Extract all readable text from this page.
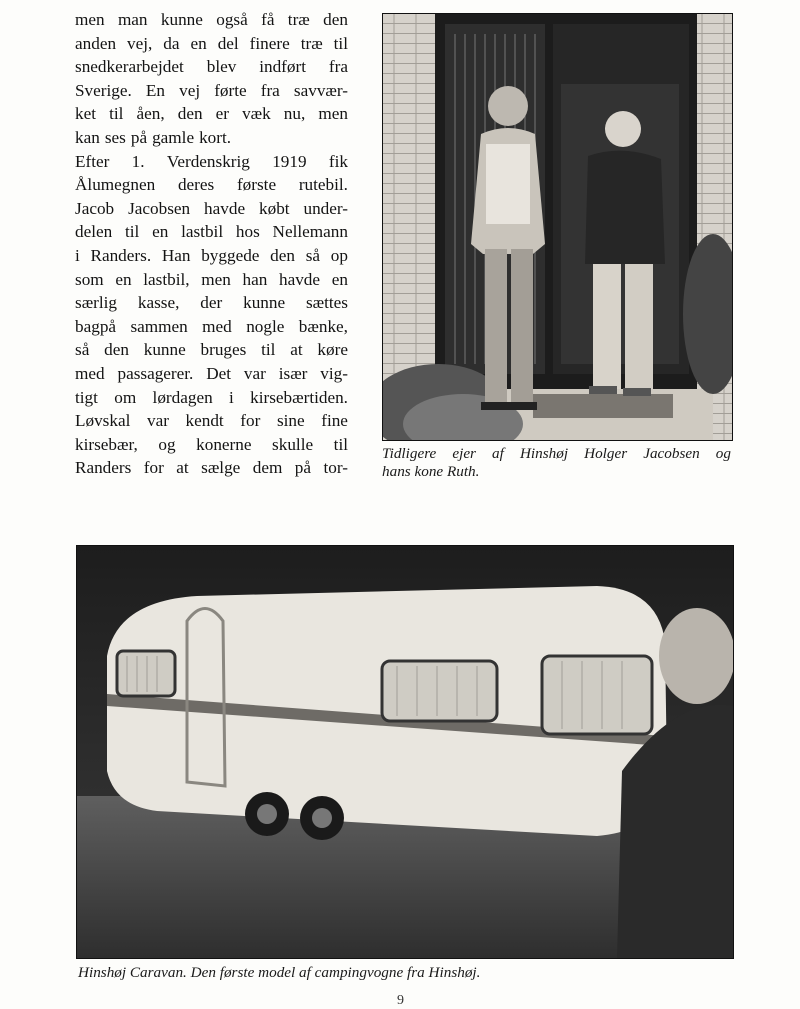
men man kunne også få træ den
anden vej, da en del finere træ til
snedkerarbejdet blev indført fra
Sverige. En vej førte fra savvær-
ket til åen, den er væk nu, men
kan ses på gamle kort.
Efter 1. Verdenskrig 1919 fik
Ålumegnen deres første rutebil.
Jacob Jacobsen havde købt under-
delen til en lastbil hos Nellemann
i Randers. Han byggede den så op
som en lastbil, men han havde en
særlig kasse, der kunne sættes
bagpå sammen med nogle bænke,
så den kunne bruges til at køre
med passagerer. Det var især vig-
tigt om lørdagen i kirsebærtiden.
Løvskal var kendt for sine fine
kirsebær, og konerne skulle til
Randers for at sælge dem på tor-
Tidligere ejer af Hinshøj Holger Jacobsen og
hans kone Ruth.
Hinshøj Caravan. Den første model af campingvogne fra Hinshøj.
9
